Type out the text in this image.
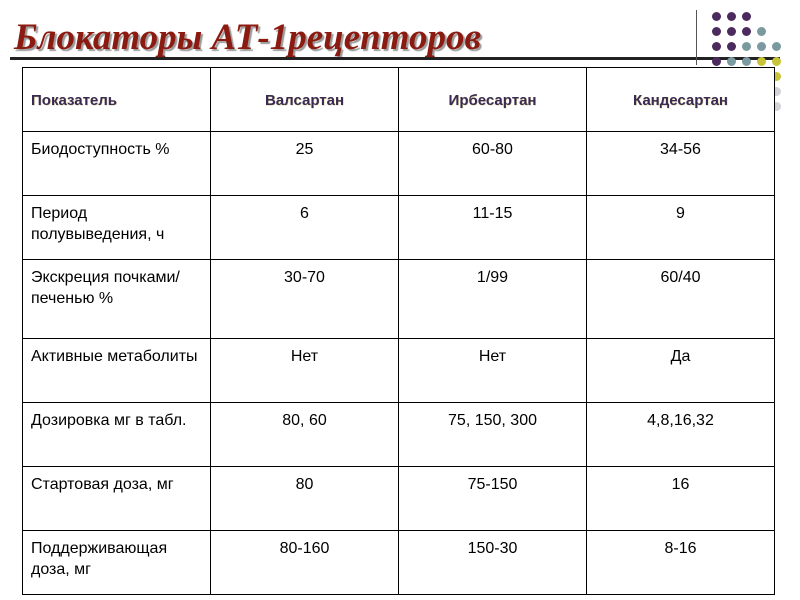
Блокаторы АТ-1рецепторов
Показатель	Валсартан	Ирбесартан	Кандесартан
Биодоступность %	25	60-80	34-56
Период полувыведения, ч	6	11-15	9
Экскреция почками/печенью %	30-70	1/99	60/40
Активные метаболиты	Нет	Нет	Да
Дозировка мг в табл.	80, 60	75, 150, 300	4,8,16,32
Стартовая доза, мг	80	75-150	16
Поддерживающая доза, мг	80-160	150-30	8-16
